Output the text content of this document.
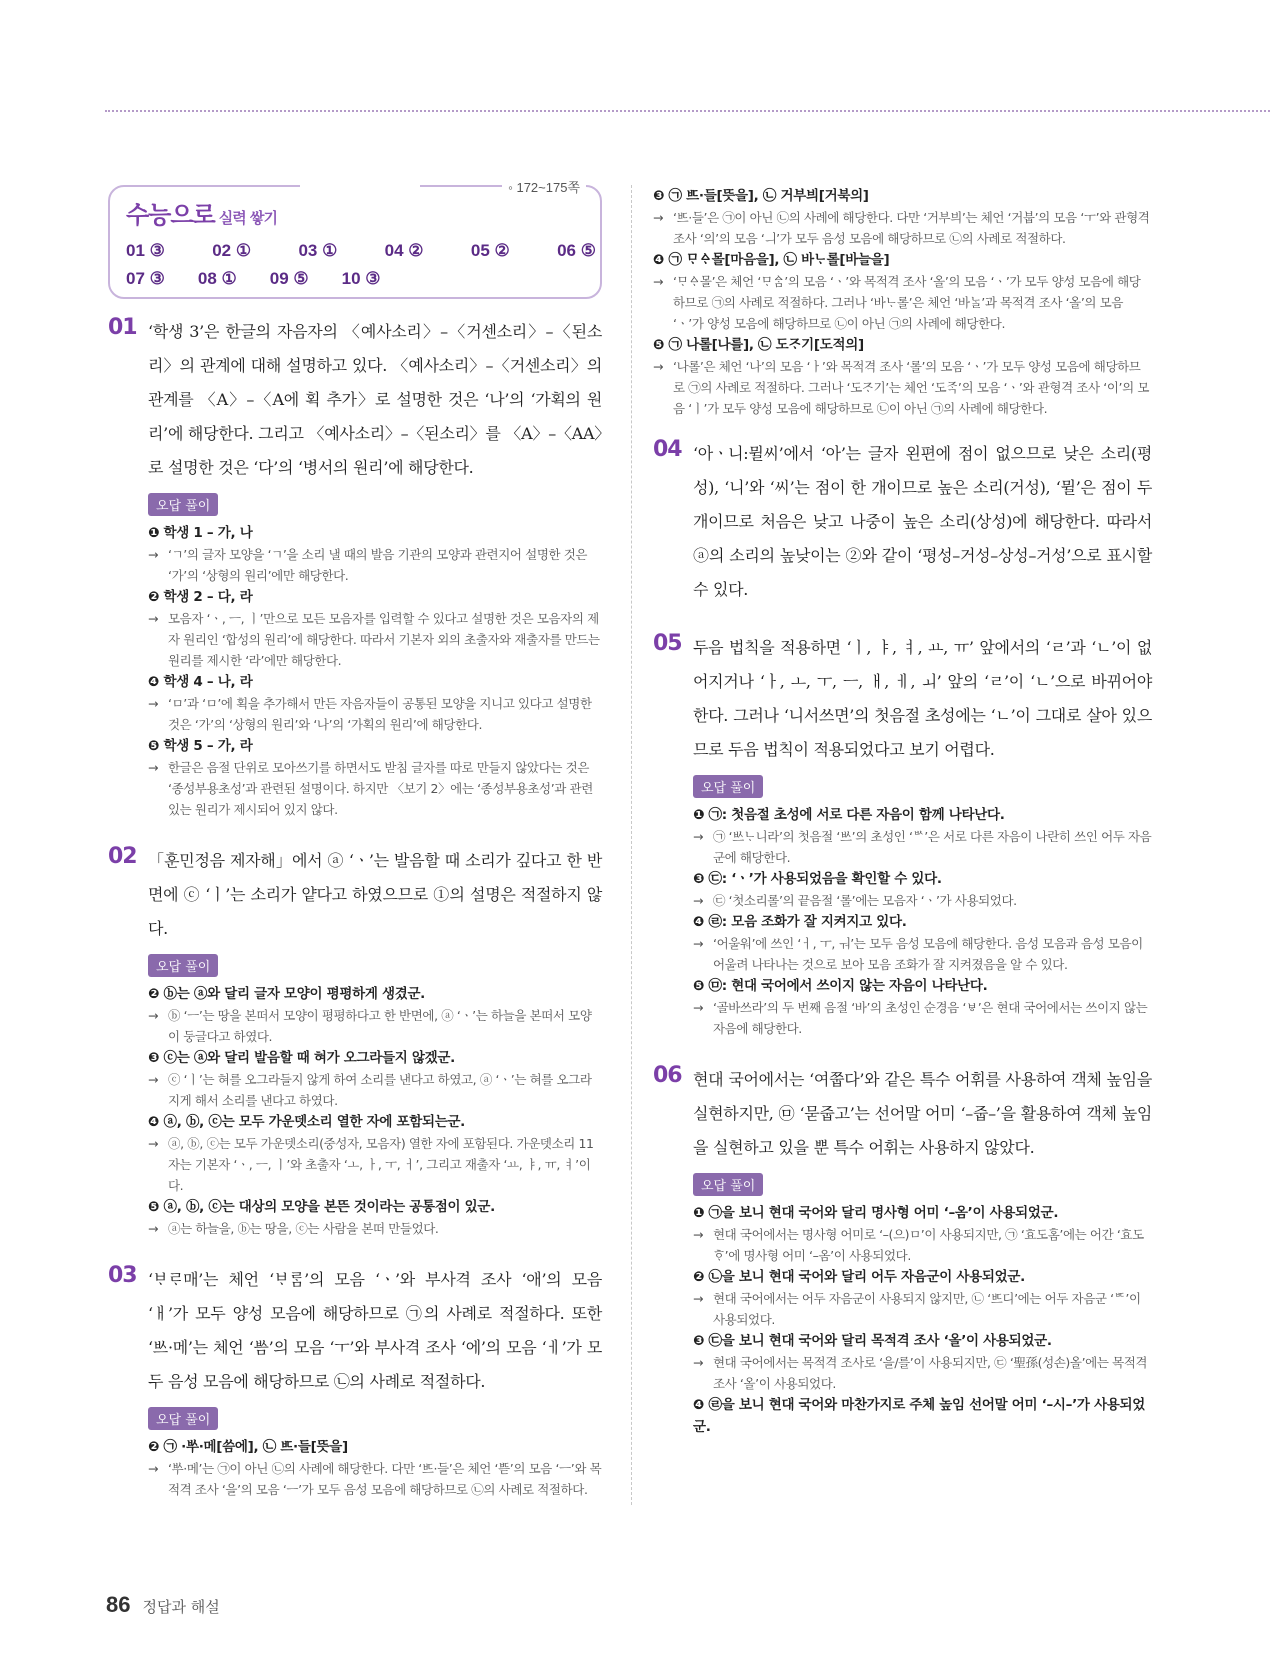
수능으로 실력 쌓기
◦ 172~175쪽
01 ③	02 ①	03 ①	04 ②	05 ②	06 ⑤
07 ③ 08 ① 09 ⑤ 10 ③
01 ‘학생 3’은 한글의 자음자의 〈예사소리〉–〈거센소리〉–〈된소리〉의 관계에 대해 설명하고 있다. 〈예사소리〉–〈거센소리〉의 관계를 〈A〉–〈A에 획 추가〉로 설명한 것은 ‘나’의 ‘가획의 원리’에 해당한다. 그리고 〈예사소리〉–〈된소리〉를 〈A〉–〈AA〉로 설명한 것은 ‘다’의 ‘병서의 원리’에 해당한다.
오답 풀이
❶ 학생 1 – 가, 나
→ ‘ㄱ’의 글자 모양을 ‘ㄱ’을 소리 낼 때의 발음 기관의 모양과 관련지어 설명한 것은 ‘가’의 ‘상형의 원리’에만 해당한다.
❷ 학생 2 – 다, 라
→ 모음자 ‘ㆍ, ㅡ, ㅣ’만으로 모든 모음자를 입력할 수 있다고 설명한 것은 모음자의 제자 원리인 ‘합성의 원리’에 해당한다. 따라서 기본자 외의 초출자와 재출자를 만드는 원리를 제시한 ‘라’에만 해당한다.
❹ 학생 4 – 나, 라
→ ‘ㅁ’과 ‘ㅁ’에 획을 추가해서 만든 자음자들이 공통된 모양을 지니고 있다고 설명한 것은 ‘가’의 ‘상형의 원리’와 ‘나’의 ‘가획의 원리’에 해당한다.
❺ 학생 5 – 가, 라
→ 한글은 음절 단위로 모아쓰기를 하면서도 받침 글자를 따로 만들지 않았다는 것은 ‘종성부용초성’과 관련된 설명이다. 하지만 〈보기 2〉에는 ‘종성부용초성’과 관련 있는 원리가 제시되어 있지 않다.
02 「훈민정음 제자해」에서 ⓐ ‘ㆍ’는 발음할 때 소리가 깊다고 한 반면에 ⓒ ‘ㅣ’는 소리가 얕다고 하였으므로 ①의 설명은 적절하지 않다.
오답 풀이
❷ ⓑ는 ⓐ와 달리 글자 모양이 평평하게 생겼군.
→ ⓑ ‘ㅡ’는 땅을 본떠서 모양이 평평하다고 한 반면에, ⓐ ‘ㆍ’는 하늘을 본떠서 모양이 둥글다고 하였다.
❸ ⓒ는 ⓐ와 달리 발음할 때 혀가 오그라들지 않겠군.
→ ⓒ ‘ㅣ’는 혀를 오그라들지 않게 하여 소리를 낸다고 하였고, ⓐ ‘ㆍ’는 혀를 오그라지게 해서 소리를 낸다고 하였다.
❹ ⓐ, ⓑ, ⓒ는 모두 가운뎃소리 열한 자에 포함되는군.
→ ⓐ, ⓑ, ⓒ는 모두 가운뎃소리(중성자, 모음자) 열한 자에 포함된다. 가운뎃소리 11자는 기본자 ‘ㆍ, ㅡ, ㅣ’와 초출자 ‘ㅗ, ㅏ, ㅜ, ㅓ’, 그리고 재출자 ‘ㅛ, ㅑ, ㅠ, ㅕ’이다.
❺ ⓐ, ⓑ, ⓒ는 대상의 모양을 본뜬 것이라는 공통점이 있군.
→ ⓐ는 하늘을, ⓑ는 땅을, ⓒ는 사람을 본떠 만들었다.
03 ‘ᄇᆞᄅᆞ매’는 체언 ‘ᄇᆞᄅᆞᆷ’의 모음 ‘ㆍ’와 부사격 조사 ‘애’의 모음 ‘ㅐ’가 모두 양성 모음에 해당하므로 ㉠의 사례로 적절하다. 또한 ‘ᄡᅳ·메’는 체언 ‘ᄡᅳᆷ’의 모음 ‘ㅜ’와 부사격 조사 ‘에’의 모음 ‘ㅔ’가 모두 음성 모음에 해당하므로 ㉡의 사례로 적절하다.
오답 풀이
❷ ㉠ ·ᄡᅮ·메[씀에], ㉡ ᄠᅳ·들[뜻을]
→ ‘ᄡᅮ·메’는 ㉠이 아닌 ㉡의 사례에 해당한다. 다만 ‘ᄠᅳ·들’은 체언 ‘ᄠᅳᆮ’의 모음 ‘ㅡ’와 목적격 조사 ‘을’의 모음 ‘ㅡ’가 모두 음성 모음에 해당하므로 ㉡의 사례로 적절하다.
❸ ㉠ ᄠᅳ·들[뜻을], ㉡ 거부븨[거북의]
→ ‘ᄠᅳ·들’은 ㉠이 아닌 ㉡의 사례에 해당한다. 다만 ‘거부븨’는 체언 ‘거붑’의 모음 ‘ㅜ’와 관형격 조사 ‘의’의 모음 ‘ㅢ’가 모두 음성 모음에 해당하므로 ㉡의 사례로 적절하다.
❹ ㉠ ᄆᆞᅀᆞ몰[마음을], ㉡ 바ᄂᆞ롤[바늘을]
→ ‘ᄆᆞᅀᆞ몰’은 체언 ‘ᄆᆞᅀᆞᆷ’의 모음 ‘ㆍ’와 목적격 조사 ‘올’의 모음 ‘ㆍ’가 모두 양성 모음에 해당하므로 ㉠의 사례로 적절하다. 그러나 ‘바ᄂᆞ롤’은 체언 ‘바ᄂᆞᆯ’과 목적격 조사 ‘올’의 모음 ‘ㆍ’가 양성 모음에 해당하므로 ㉡이 아닌 ㉠의 사례에 해당한다.
❺ ㉠ 나롤[나를], ㉡ 도ᄌᆞ기[도적의]
→ ‘나롤’은 체언 ‘나’의 모음 ‘ㅏ’와 목적격 조사 ‘롤’의 모음 ‘ㆍ’가 모두 양성 모음에 해당하므로 ㉠의 사례로 적절하다. 그러나 ‘도ᄌᆞ기’는 체언 ‘도ᄌᆞᆨ’의 모음 ‘ㆍ’와 관형격 조사 ‘이’의 모음 ‘ㅣ’가 모두 양성 모음에 해당하므로 ㉡이 아닌 ㉠의 사례에 해당한다.
04 ‘아ㆍ니:뮐씨’에서 ‘아’는 글자 왼편에 점이 없으므로 낮은 소리(평성), ‘니’와 ‘씨’는 점이 한 개이므로 높은 소리(거성), ‘뮐’은 점이 두 개이므로 처음은 낮고 나중이 높은 소리(상성)에 해당한다. 따라서 ⓐ의 소리의 높낮이는 ②와 같이 ‘평성–거성–상성–거성’으로 표시할 수 있다.
05 두음 법칙을 적용하면 ‘ㅣ, ㅑ, ㅕ, ㅛ, ㅠ’ 앞에서의 ‘ㄹ’과 ‘ㄴ’이 없어지거나 ‘ㅏ, ㅗ, ㅜ, ㅡ, ㅐ, ㅔ, ㅚ’ 앞의 ‘ㄹ’이 ‘ㄴ’으로 바뀌어야 한다. 그러나 ‘니서쓰면’의 첫음절 초성에는 ‘ㄴ’이 그대로 살아 있으므로 두음 법칙이 적용되었다고 보기 어렵다.
오답 풀이
❶ ㉠: 첫음절 초성에 서로 다른 자음이 함께 나타난다.
→ ㉠ ‘ᄡᅳᄂᆞ니라’의 첫음절 ‘ᄡᅳ’의 초성인 ‘ᄡ’은 서로 다른 자음이 나란히 쓰인 어두 자음군에 해당한다.
❸ ㉢: ‘ㆍ’가 사용되었음을 확인할 수 있다.
→ ㉢ ‘첫소리롤’의 끝음절 ‘롤’에는 모음자 ‘ㆍ’가 사용되었다.
❹ ㉣: 모음 조화가 잘 지켜지고 있다.
→ ‘어울워’에 쓰인 ‘ㅓ, ㅜ, ㅝ’는 모두 음성 모음에 해당한다. 음성 모음과 음성 모음이 어울려 나타나는 것으로 보아 모음 조화가 잘 지켜졌음을 알 수 있다.
❺ ㉤: 현대 국어에서 쓰이지 않는 자음이 나타난다.
→ ‘골바쓰라’의 두 번째 음절 ‘바’의 초성인 순경음 ‘ㅸ’은 현대 국어에서는 쓰이지 않는 자음에 해당한다.
06 현대 국어에서는 ‘여쭙다’와 같은 특수 어휘를 사용하여 객체 높임을 실현하지만, ㉤ ‘묻줍고’는 선어말 어미 ‘–줍–’을 활용하여 객체 높임을 실현하고 있을 뿐 특수 어휘는 사용하지 않았다.
오답 풀이
❶ ㉠을 보니 현대 국어와 달리 명사형 어미 ‘–옴’이 사용되었군.
→ 현대 국어에서는 명사형 어미로 ‘–(으)ㅁ’이 사용되지만, ㉠ ‘효도홈’에는 어간 ‘효도ᄒᆞ’에 명사형 어미 ‘–옴’이 사용되었다.
❷ ㉡을 보니 현대 국어와 달리 어두 자음군이 사용되었군.
→ 현대 국어에서는 어두 자음군이 사용되지 않지만, ㉡ ‘ᄠᅳ디’에는 어두 자음군 ‘ᄠ’이 사용되었다.
❸ ㉢을 보니 현대 국어와 달리 목적격 조사 ‘올’이 사용되었군.
→ 현대 국어에서는 목적격 조사로 ‘을/를’이 사용되지만, ㉢ ‘聖孫(성손)올’에는 목적격 조사 ‘올’이 사용되었다.
❹ ㉣을 보니 현대 국어와 마찬가지로 주체 높임 선어말 어미 ‘–시–’가 사용되었군.
86 정답과 해설
